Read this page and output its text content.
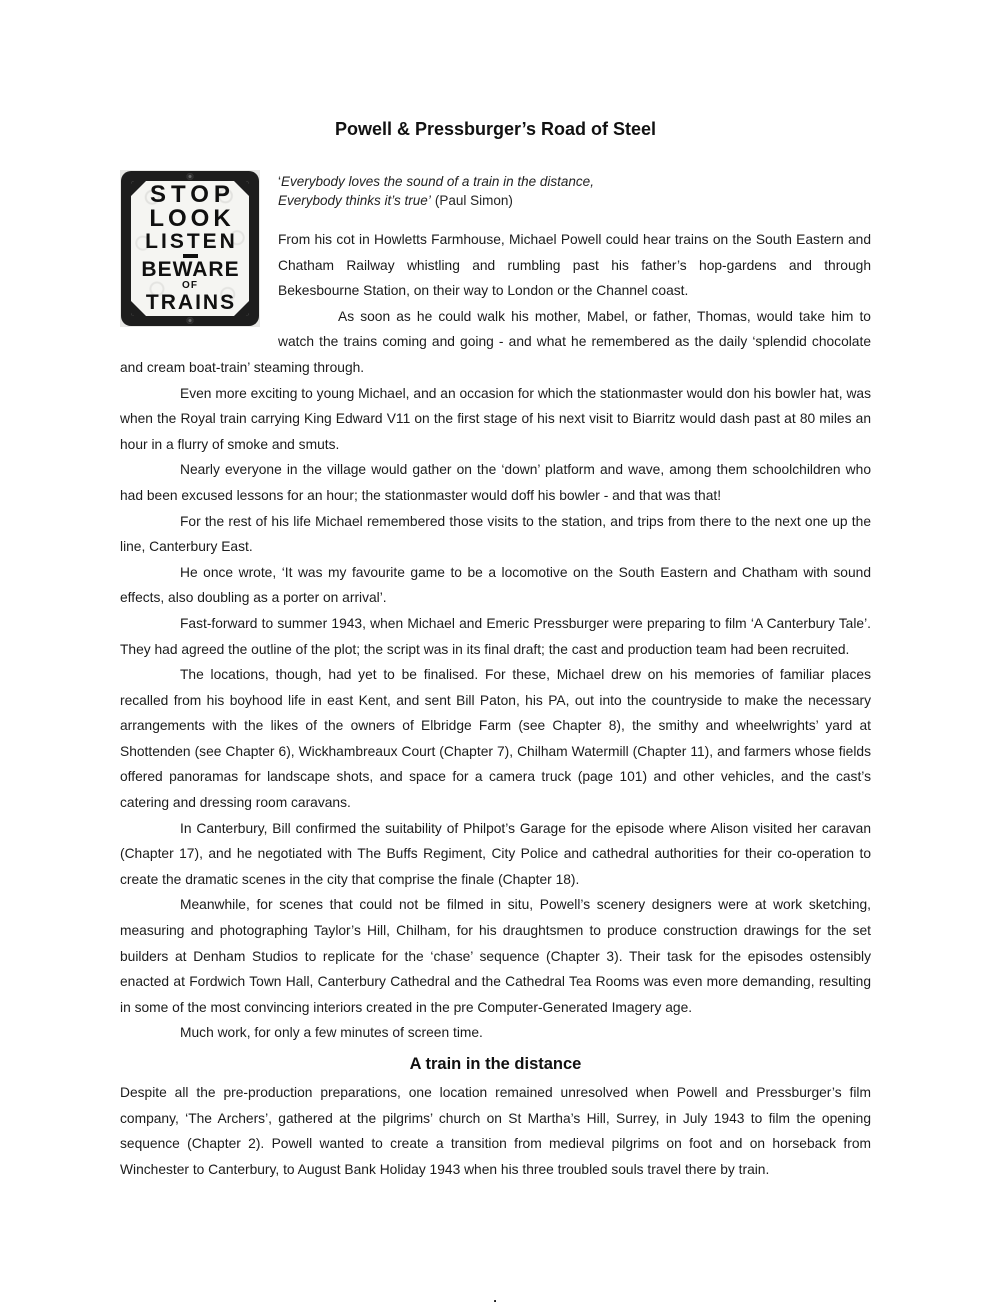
Powell & Pressburger’s Road of Steel
STOP
LOOK
LISTEN
BEWARE
OF
TRAINS
‘Everybody loves the sound of a train in the distance,
Everybody thinks it’s true’ (Paul Simon)

From his cot in Howletts Farmhouse, Michael Powell could hear trains on the South Eastern and Chatham Railway whistling and rumbling past his father’s hop-gardens and through Bekesbourne Station, on their way to London or the Channel coast.

As soon as he could walk his mother, Mabel, or father, Thomas, would take him to watch the trains coming and going - and what he remembered as the daily ‘splendid chocolate and cream boat-train’ steaming through.

Even more exciting to young Michael, and an occasion for which the stationmaster would don his bowler hat, was when the Royal train carrying King Edward V11 on the first stage of his next visit to Biarritz would dash past at 80 miles an hour in a flurry of smoke and smuts.

Nearly everyone in the village would gather on the ‘down’ platform and wave, among them schoolchildren who had been excused lessons for an hour; the stationmaster would doff his bowler - and that was that!

For the rest of his life Michael remembered those visits to the station, and trips from there to the next one up the line, Canterbury East.

He once wrote, ‘It was my favourite game to be a locomotive on the South Eastern and Chatham with sound effects, also doubling as a porter on arrival’.

Fast-forward to summer 1943, when Michael and Emeric Pressburger were preparing to film ‘A Canterbury Tale’. They had agreed the outline of the plot; the script was in its final draft; the cast and production team had been recruited.

The locations, though, had yet to be finalised. For these, Michael drew on his memories of familiar places recalled from his boyhood life in east Kent, and sent Bill Paton, his PA, out into the countryside to make the necessary arrangements with the likes of the owners of Elbridge Farm (see Chapter 8), the smithy and wheelwrights’ yard at Shottenden (see Chapter 6), Wickhambreaux Court (Chapter 7), Chilham Watermill (Chapter 11), and farmers whose fields offered panoramas for landscape shots, and space for a camera truck (page 101) and other vehicles, and the cast’s catering and dressing room caravans.

In Canterbury, Bill confirmed the suitability of Philpot’s Garage for the episode where Alison visited her caravan (Chapter 17), and he negotiated with The Buffs Regiment, City Police and cathedral authorities for their co-operation to create the dramatic scenes in the city that comprise the finale (Chapter 18).

Meanwhile, for scenes that could not be filmed in situ, Powell’s scenery designers were at work sketching, measuring and photographing Taylor’s Hill, Chilham, for his draughtsmen to produce construction drawings for the set builders at Denham Studios to replicate for the ‘chase’ sequence (Chapter 3). Their task for the episodes ostensibly enacted at Fordwich Town Hall, Canterbury Cathedral and the Cathedral Tea Rooms was even more demanding, resulting in some of the most convincing interiors created in the pre Computer-Generated Imagery age.

Much work, for only a few minutes of screen time.

A train in the distance

Despite all the pre-production preparations, one location remained unresolved when Powell and Pressburger’s film company, ‘The Archers’, gathered at the pilgrims’ church on St Martha’s Hill, Surrey, in July 1943 to film the opening sequence (Chapter 2). Powell wanted to create a transition from medieval pilgrims on foot and on horseback from Winchester to Canterbury, to August Bank Holiday 1943 when his three troubled souls travel there by train.

.
